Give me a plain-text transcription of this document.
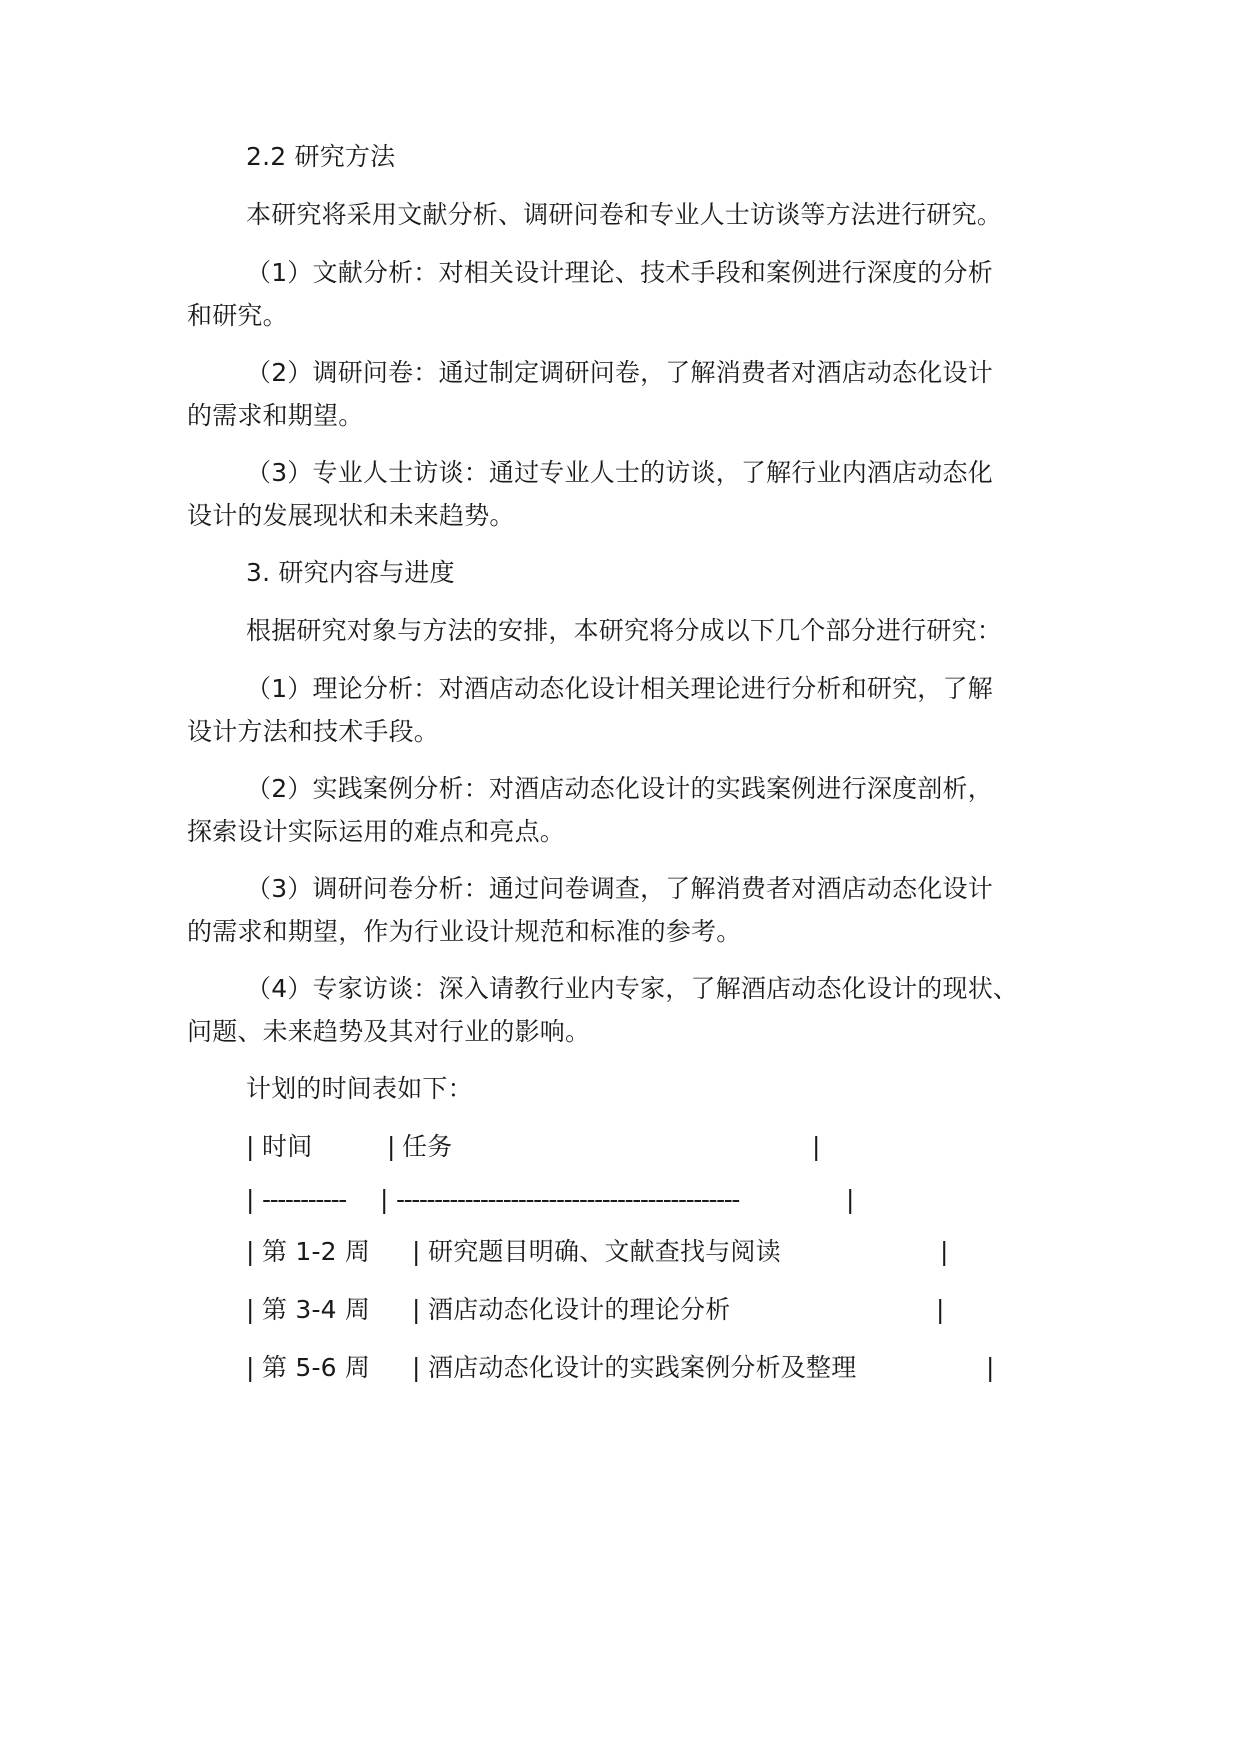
2.2 研究方法
本研究将采用文献分析、调研问卷和专业人士访谈等方法进行研究。
（1）文献分析：对相关设计理论、技术手段和案例进行深度的分析
和研究。
（2）调研问卷：通过制定调研问卷，了解消费者对酒店动态化设计
的需求和期望。
（3）专业人士访谈：通过专业人士的访谈，了解行业内酒店动态化
设计的发展现状和未来趋势。
3. 研究内容与进度
根据研究对象与方法的安排，本研究将分成以下几个部分进行研究：
（1）理论分析：对酒店动态化设计相关理论进行分析和研究，了解
设计方法和技术手段。
（2）实践案例分析：对酒店动态化设计的实践案例进行深度剖析，
探索设计实际运用的难点和亮点。
（3）调研问卷分析：通过问卷调查，了解消费者对酒店动态化设计
的需求和期望，作为行业设计规范和标准的参考。
（4）专家访谈：深入请教行业内专家，了解酒店动态化设计的现状、
问题、未来趋势及其对行业的影响。
计划的时间表如下：
| 时间	| 任务	|
| ----------- | ---------------------------------------------	|
| 第 1-2 周 | 研究题目明确、文献查找与阅读	|
| 第 3-4 周 | 酒店动态化设计的理论分析	|
| 第 5-6 周 | 酒店动态化设计的实践案例分析及整理	|
